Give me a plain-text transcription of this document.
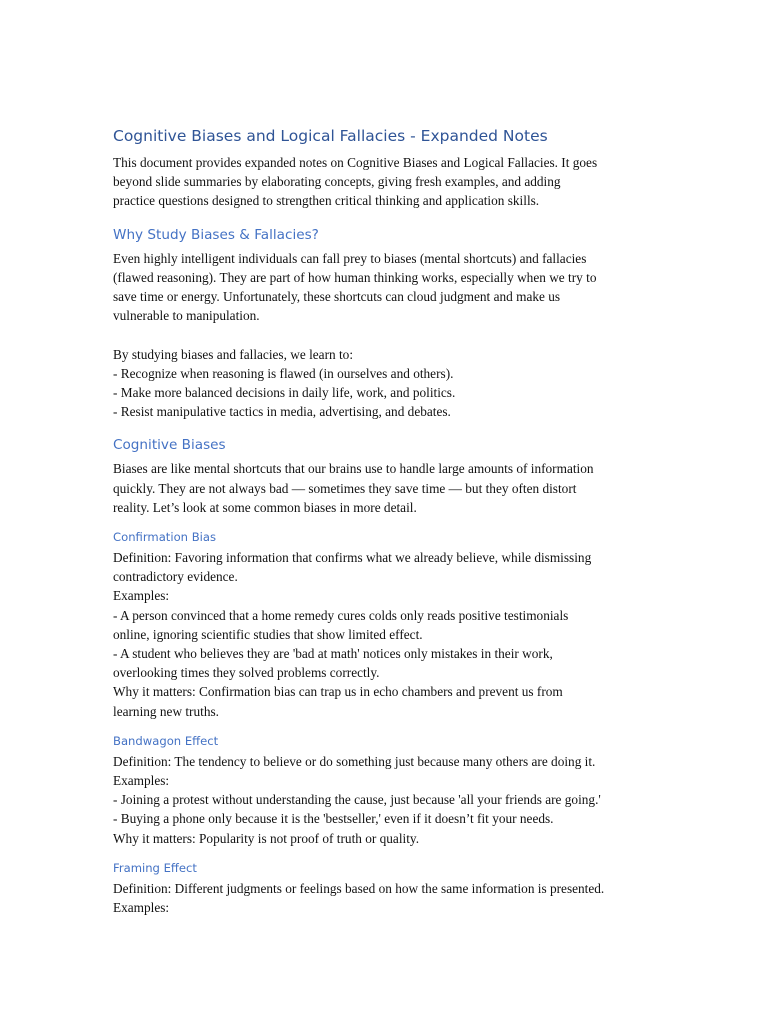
Cognitive Biases and Logical Fallacies - Expanded Notes

This document provides expanded notes on Cognitive Biases and Logical Fallacies. It goes
beyond slide summaries by elaborating concepts, giving fresh examples, and adding
practice questions designed to strengthen critical thinking and application skills.

Why Study Biases & Fallacies?

Even highly intelligent individuals can fall prey to biases (mental shortcuts) and fallacies
(flawed reasoning). They are part of how human thinking works, especially when we try to
save time or energy. Unfortunately, these shortcuts can cloud judgment and make us
vulnerable to manipulation.
By studying biases and fallacies, we learn to:
- Recognize when reasoning is flawed (in ourselves and others).
- Make more balanced decisions in daily life, work, and politics.
- Resist manipulative tactics in media, advertising, and debates.

Cognitive Biases

Biases are like mental shortcuts that our brains use to handle large amounts of information
quickly. They are not always bad — sometimes they save time — but they often distort
reality. Let’s look at some common biases in more detail.

Confirmation Bias

Definition: Favoring information that confirms what we already believe, while dismissing
contradictory evidence.
Examples:
- A person convinced that a home remedy cures colds only reads positive testimonials
online, ignoring scientific studies that show limited effect.
- A student who believes they are 'bad at math' notices only mistakes in their work,
overlooking times they solved problems correctly.
Why it matters: Confirmation bias can trap us in echo chambers and prevent us from
learning new truths.

Bandwagon Effect

Definition: The tendency to believe or do something just because many others are doing it.
Examples:
- Joining a protest without understanding the cause, just because 'all your friends are going.'
- Buying a phone only because it is the 'bestseller,' even if it doesn’t fit your needs.
Why it matters: Popularity is not proof of truth or quality.

Framing Effect

Definition: Different judgments or feelings based on how the same information is presented.
Examples:
